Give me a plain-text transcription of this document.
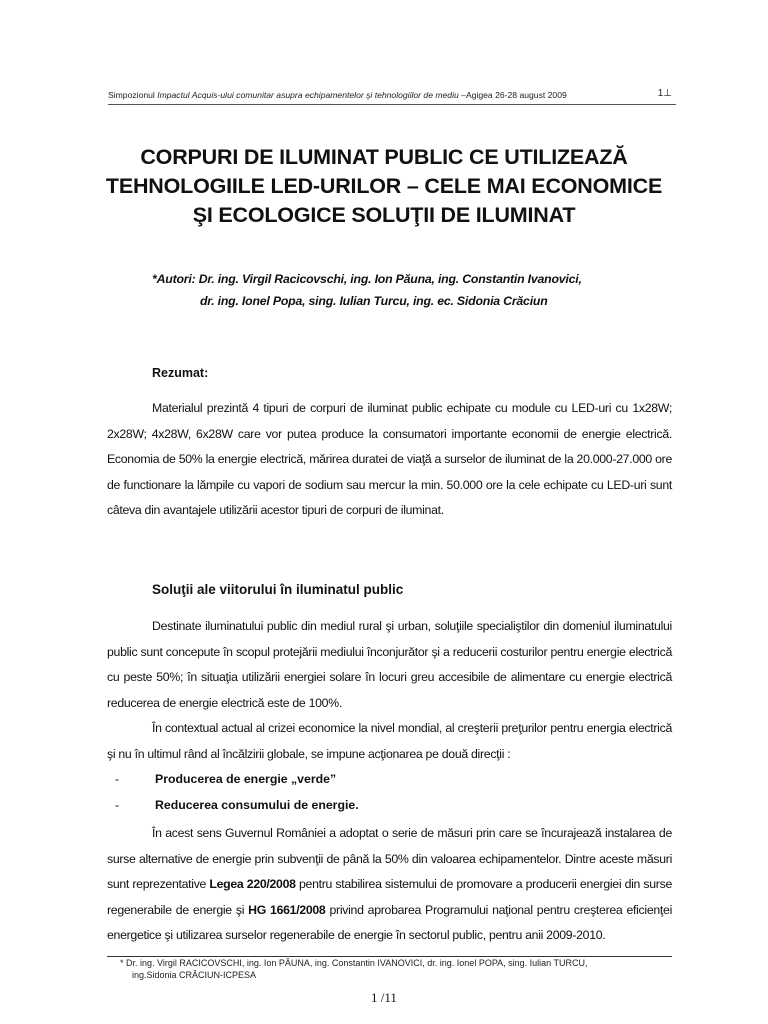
Simpozionul Impactul Acquis-ului comunitar asupra echipamentelor şi tehnologiilor de mediu –Agigea 26-28 august 2009	1⊥
CORPURI DE ILUMINAT PUBLIC CE UTILIZEAZĂ
TEHNOLOGIILE LED-URILOR – CELE MAI ECONOMICE
ŞI ECOLOGICE SOLUŢII DE ILUMINAT
*Autori: Dr. ing. Virgil Racicovschi, ing. Ion Păuna, ing. Constantin Ivanovici,
dr. ing. Ionel Popa, sing. Iulian Turcu, ing. ec. Sidonia Crăciun
Rezumat:
Materialul prezintă 4 tipuri de corpuri de iluminat public echipate cu module cu LED-uri cu 1x28W;
2x28W; 4x28W, 6x28W care vor putea produce la consumatori importante economii de energie electrică.
Economia de 50% la energie electrică, mărirea duratei de viaţă a surselor de iluminat de la 20.000-27.000 ore
de functionare la lămpile cu vapori de sodium sau mercur la min. 50.000 ore la cele echipate cu LED-uri sunt
câteva din avantajele utilizării acestor tipuri de corpuri de iluminat.
Soluţii ale viitorului în iluminatul public
Destinate iluminatului public din mediul rural şi urban, soluţiile specialiştilor din domeniul iluminatului
public sunt concepute în scopul protejării mediului înconjurător şi a reducerii costurilor pentru energie electrică
cu peste 50%; în situaţia utilizării energiei solare în locuri greu accesibile de alimentare cu energie electrică
reducerea de energie electrică este de 100%.
În contextual actual al crizei economice la nivel mondial, al creşterii preţurilor pentru energia electrică
şi nu în ultimul rând al încălzirii globale, se impune acţionarea pe două direcţii :
-	Producerea de energie „verde”
-	Reducerea consumului de energie.
În acest sens Guvernul României a adoptat o serie de măsuri prin care se încurajează instalarea de
surse alternative de energie prin subvenţii de până la 50% din valoarea echipamentelor. Dintre aceste măsuri
sunt reprezentative Legea 220/2008 pentru stabilirea sistemului de promovare a producerii energiei din surse
regenerabile de energie şi HG 1661/2008 privind aprobarea Programului naţional pentru creşterea eficienţei
energetice şi utilizarea surselor regenerabile de energie în sectorul public, pentru anii 2009-2010.
* Dr. ing. Virgil RACICOVSCHI, ing. Ion PĂUNA, ing. Constantin IVANOVICI, dr. ing. Ionel POPA, sing. Iulian TURCU,
ing.Sidonia CRĂCIUN-ICPESA
1 /11
